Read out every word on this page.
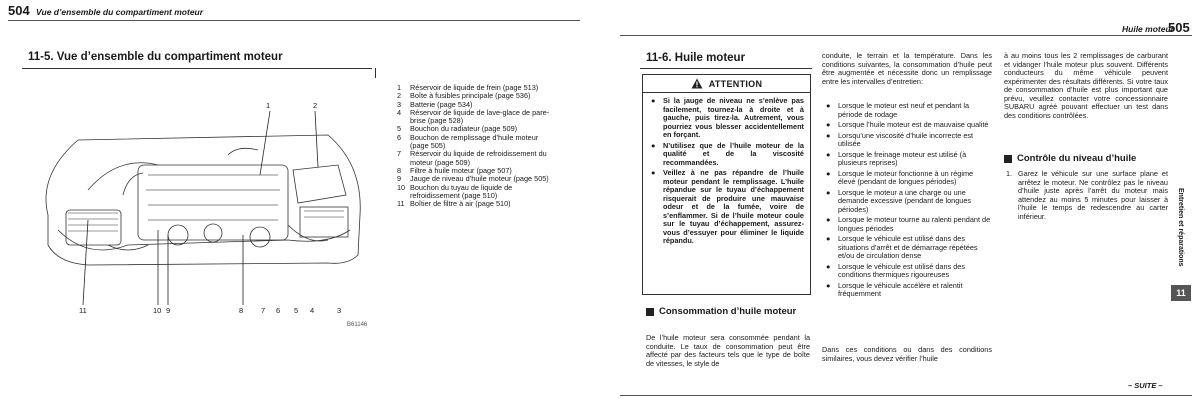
504 Vue d’ensemble du compartiment moteur
11-5. Vue d’ensemble du compartiment moteur
1	2
11	10 9	8 7 6 5 4	3
B61146
1	Réservoir de liquide de frein (page 513)
2	Boîte à fusibles principale (page 536)
3	Batterie (page 534)
4	Réservoir de liquide de lave-glace de pare-brise (page 528)
5	Bouchon du radiateur (page 509)
6	Bouchon de remplissage d’huile moteur (page 505)
7	Réservoir du liquide de refroidissement du moteur (page 509)
8	Filtre à huile moteur (page 507)
9	Jauge de niveau d’huile moteur (page 505)
10 Bouchon du tuyau de liquide de refroidissement (page 510)
11 Boîtier de filtre à air (page 510)
Huile moteur
505
11-6. Huile moteur
ATTENTION
●	Si la jauge de niveau ne s’enlève pas facilement, tournez-la à droite et à gauche, puis tirez-la. Autrement, vous pourriez vous blesser accidentellement en forçant.
●	N’utilisez que de l’huile moteur de la qualité et de la viscosité recommandées.
●	Veillez à ne pas répandre de l’huile moteur pendant le remplissage. L’huile répandue sur le tuyau d’échappement risquerait de produire une mauvaise odeur et de la fumée, voire de s’enflammer. Si de l’huile moteur coule sur le tuyau d’échappement, assurez-vous d’essuyer pour éliminer le liquide répandu.
Consommation d’huile moteur
De l’huile moteur sera consommée pendant la conduite. Le taux de consommation peut être affecté par des facteurs tels que le type de boîte de vitesses, le style de
conduite, le terrain et la température. Dans les conditions suivantes, la consommation d’huile peut être augmentée et nécessite donc un remplissage entre les intervalles d’entretien:
●	Lorsque le moteur est neuf et pendant la période de rodage
●	Lorsque l’huile moteur est de mauvaise qualité
●	Lorsqu’une viscosité d’huile incorrecte est utilisée
●	Lorsque le freinage moteur est utilisé (à plusieurs reprises)
●	Lorsque le moteur fonctionne à un régime élevé (pendant de longues périodes)
●	Lorsque le moteur a une charge ou une demande excessive (pendant de longues périodes)
●	Lorsque le moteur tourne au ralenti pendant de longues périodes
●	Lorsque le véhicule est utilisé dans des situations d’arrêt et de démarrage répétées et/ou de circulation dense
●	Lorsque le véhicule est utilisé dans des conditions thermiques rigoureuses
●	Lorsque le véhicule accélère et ralentit fréquemment
Dans ces conditions ou dans des conditions similaires, vous devez vérifier l’huile
à au moins tous les 2 remplissages de carburant et vidanger l’huile moteur plus souvent. Différents conducteurs du même véhicule peuvent expérimenter des résultats différents. Si votre taux de consommation d’huile est plus important que prévu, veuillez contacter votre concessionnaire SUBARU agréé pouvant effectuer un test dans des conditions contrôlées.
Contrôle du niveau d’huile
1. Garez le véhicule sur une surface plane et arrêtez le moteur. Ne contrôlez pas le niveau d’huile juste après l’arrêt du moteur mais attendez au moins 5 minutes pour laisser à l’huile le temps de redescendre au carter inférieur.	Entretien et réparations
11
– SUITE –
